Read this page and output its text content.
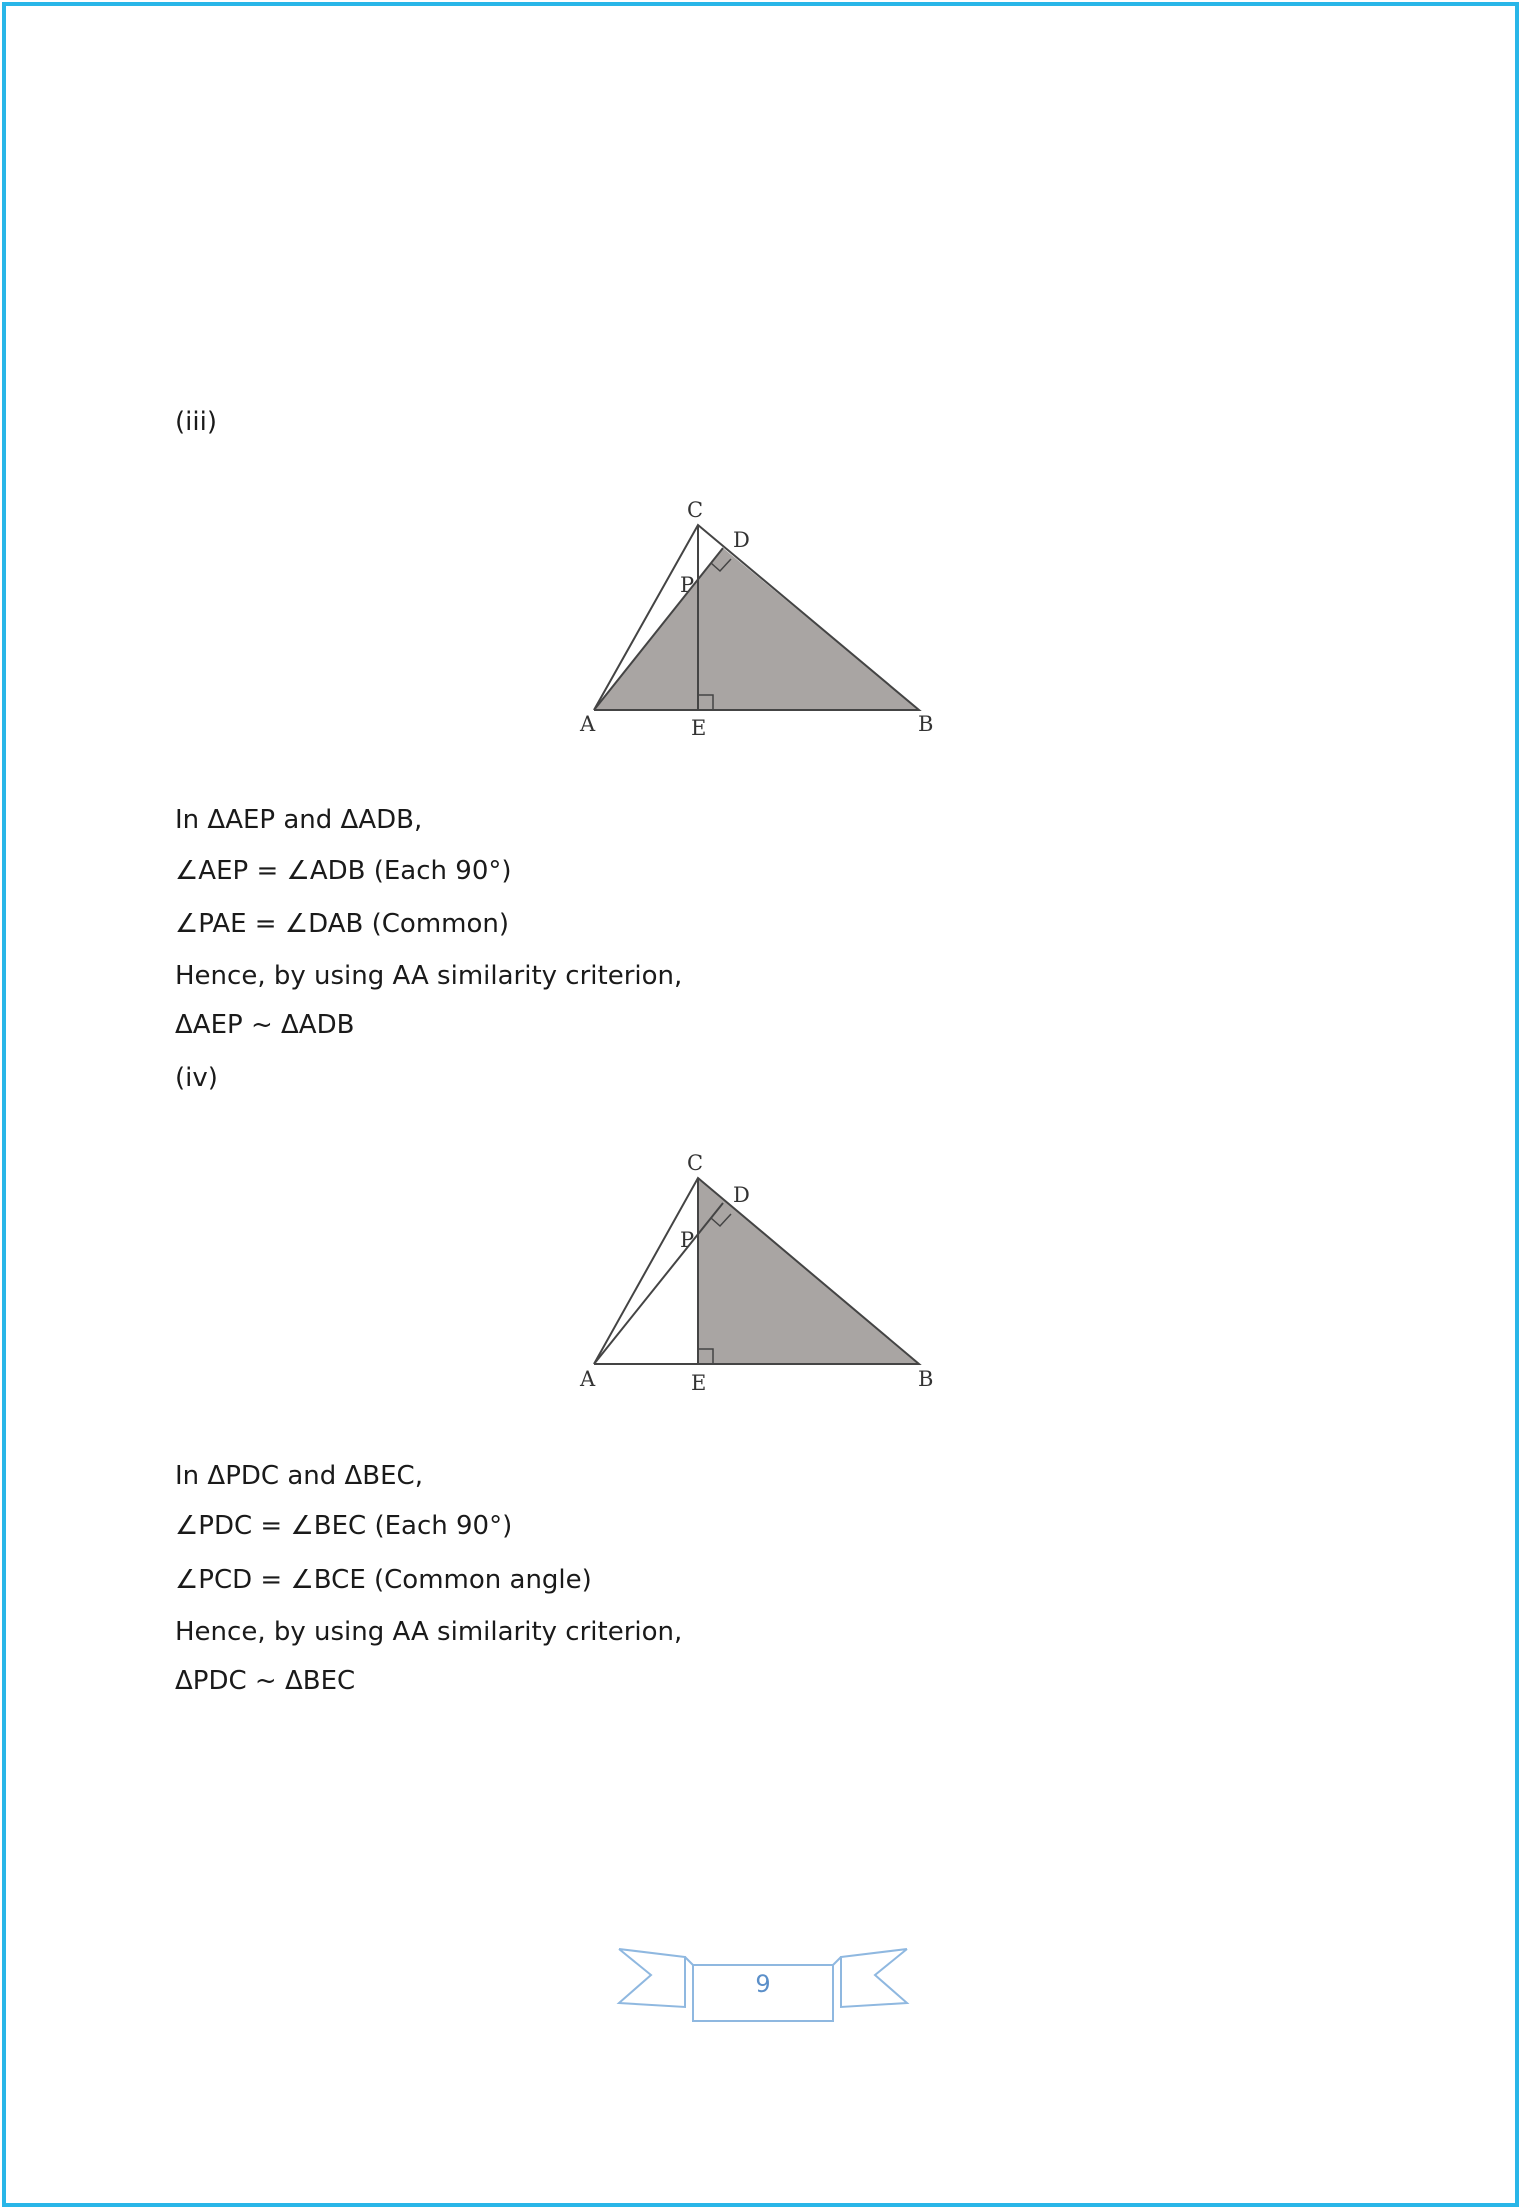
(iii)
C
D
P
A	E	B
In ΔAEP and ΔADB,
∠AEP = ∠ADB (Each 90°)
∠PAE = ∠DAB (Common)
Hence, by using AA similarity criterion,
ΔAEP ~ ΔADB
(iv)
C
D
P
A	E	B
In ΔPDC and ΔBEC,
∠PDC = ∠BEC (Each 90°)
∠PCD = ∠BCE (Common angle)
Hence, by using AA similarity criterion,
ΔPDC ~ ΔBEC
9
